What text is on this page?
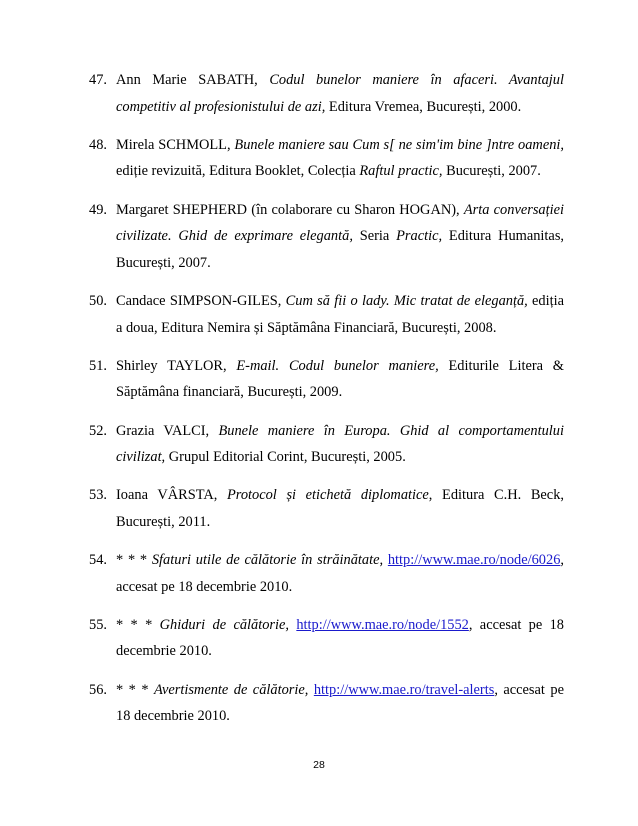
47. Ann Marie SABATH, Codul bunelor maniere în afaceri. Avantajul competitiv al profesionistului de azi, Editura Vremea, București, 2000.
48. Mirela SCHMOLL, Bunele maniere sau Cum s[ ne sim'im bine ]ntre oameni, ediție revizuită, Editura Booklet, Colecția Raftul practic, București, 2007.
49. Margaret SHEPHERD (în colaborare cu Sharon HOGAN), Arta conversației civilizate. Ghid de exprimare elegantă, Seria Practic, Editura Humanitas, București, 2007.
50. Candace SIMPSON-GILES, Cum să fii o lady. Mic tratat de eleganță, ediția a doua, Editura Nemira și Săptămâna Financiară, București, 2008.
51. Shirley TAYLOR, E-mail. Codul bunelor maniere, Editurile Litera & Săptămâna financiară, București, 2009.
52. Grazia VALCI, Bunele maniere în Europa. Ghid al comportamentului civilizat, Grupul Editorial Corint, București, 2005.
53. Ioana VÂRSTA, Protocol și etichetă diplomatice, Editura C.H. Beck, București, 2011.
54. * * * Sfaturi utile de călătorie în străinătate, http://www.mae.ro/node/6026, accesat pe 18 decembrie 2010.
55. * * * Ghiduri de călătorie, http://www.mae.ro/node/1552, accesat pe 18 decembrie 2010.
56. * * * Avertismente de călătorie, http://www.mae.ro/travel-alerts, accesat pe 18 decembrie 2010.
28
